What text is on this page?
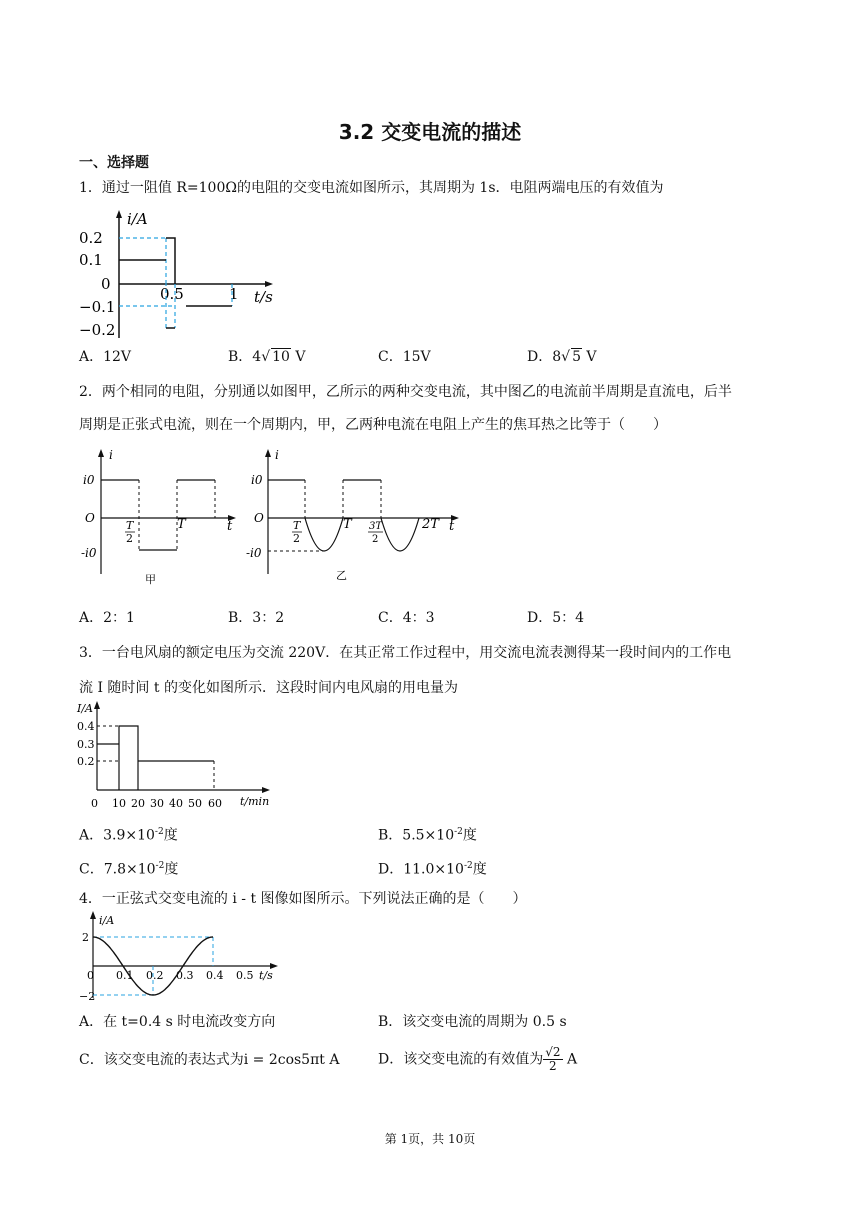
3.2 交变电流的描述
一、选择题
1．通过一阻值 R=100Ω的电阻的交变电流如图所示，其周期为 1s．电阻两端电压的有效值为
i/A
t/s
0.2
0.1
0
−0.1
−0.2
0.5	1
A．12V	B．4√ 10 V	C．15V	D．8√ 5 V
2．两个相同的电阻，分别通以如图甲，乙所示的两种交变电流，其中图乙的电流前半周期是直流电，后半
周期是正张式电流，则在一个周期内，甲，乙两种电流在电阻上产生的焦耳热之比等于（　　）
i
i0
O
-i0
T
2
T	t
甲
i
i0
O
-i0
T
2
T 3T
2
2T t
乙
A．2：1	B．3：2	C．4：3	D．5：4
3．一台电风扇的额定电压为交流 220V．在其正常工作过程中，用交流电流表测得某一段时间内的工作电
流 I 随时间 t 的变化如图所示．这段时间内电风扇的用电量为
I/A
0.4
0.3
0.2
0 10 20 30 40 50 60 t/min
A．$3.9\times 10^{-2}$度	B．$5.5\times 10^{-2}$度
C．$7.8\times 10^{-2}$度	D．$11.0\times 10^{-2}$度
4．一正弦式交变电流的 i - t 图像如图所示。下列说法正确的是（　　）
i/A
2
−2
0 0.1 0.2 0.3 0.4 0.5 t/s
A．在 t=0.4 s 时电流改变方向	B．该交变电流的周期为 0.5 s
C．该交变电流的表达式为i = 2cos5πt A	D．该交变电流的有效值为 $\frac{√2}{2}$ A
第 1页，共 10页
